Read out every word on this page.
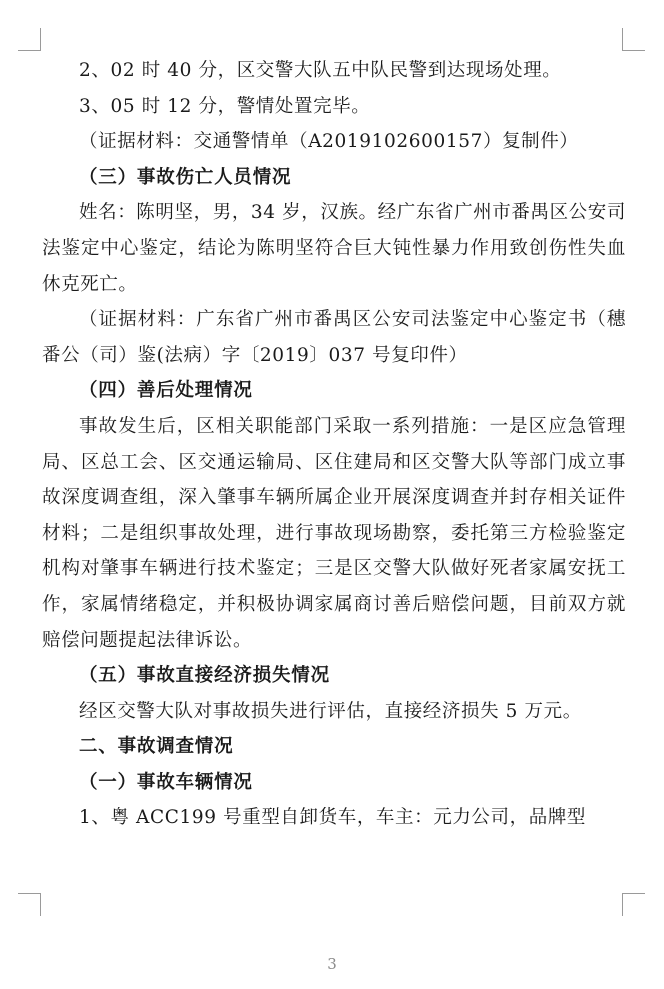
2、02 时 40 分，区交警大队五中队民警到达现场处理。

3、05 时 12 分，警情处置完毕。

（证据材料：交通警情单（A2019102600157）复制件）

（三）事故伤亡人员情况

姓名：陈明坚，男，34 岁，汉族。经广东省广州市番禺区公安司法鉴定中心鉴定，结论为陈明坚符合巨大钝性暴力作用致创伤性失血休克死亡。

（证据材料：广东省广州市番禺区公安司法鉴定中心鉴定书（穗番公（司）鉴(法病）字〔2019〕037 号复印件）

（四）善后处理情况

事故发生后，区相关职能部门采取一系列措施：一是区应急管理局、区总工会、区交通运输局、区住建局和区交警大队等部门成立事故深度调查组，深入肇事车辆所属企业开展深度调查并封存相关证件材料；二是组织事故处理，进行事故现场勘察，委托第三方检验鉴定机构对肇事车辆进行技术鉴定；三是区交警大队做好死者家属安抚工作，家属情绪稳定，并积极协调家属商讨善后赔偿问题，目前双方就赔偿问题提起法律诉讼。

（五）事故直接经济损失情况

经区交警大队对事故损失进行评估，直接经济损失 5 万元。

二、事故调查情况

（一）事故车辆情况

1、粤 ACC199 号重型自卸货车，车主：元力公司，品牌型

3
